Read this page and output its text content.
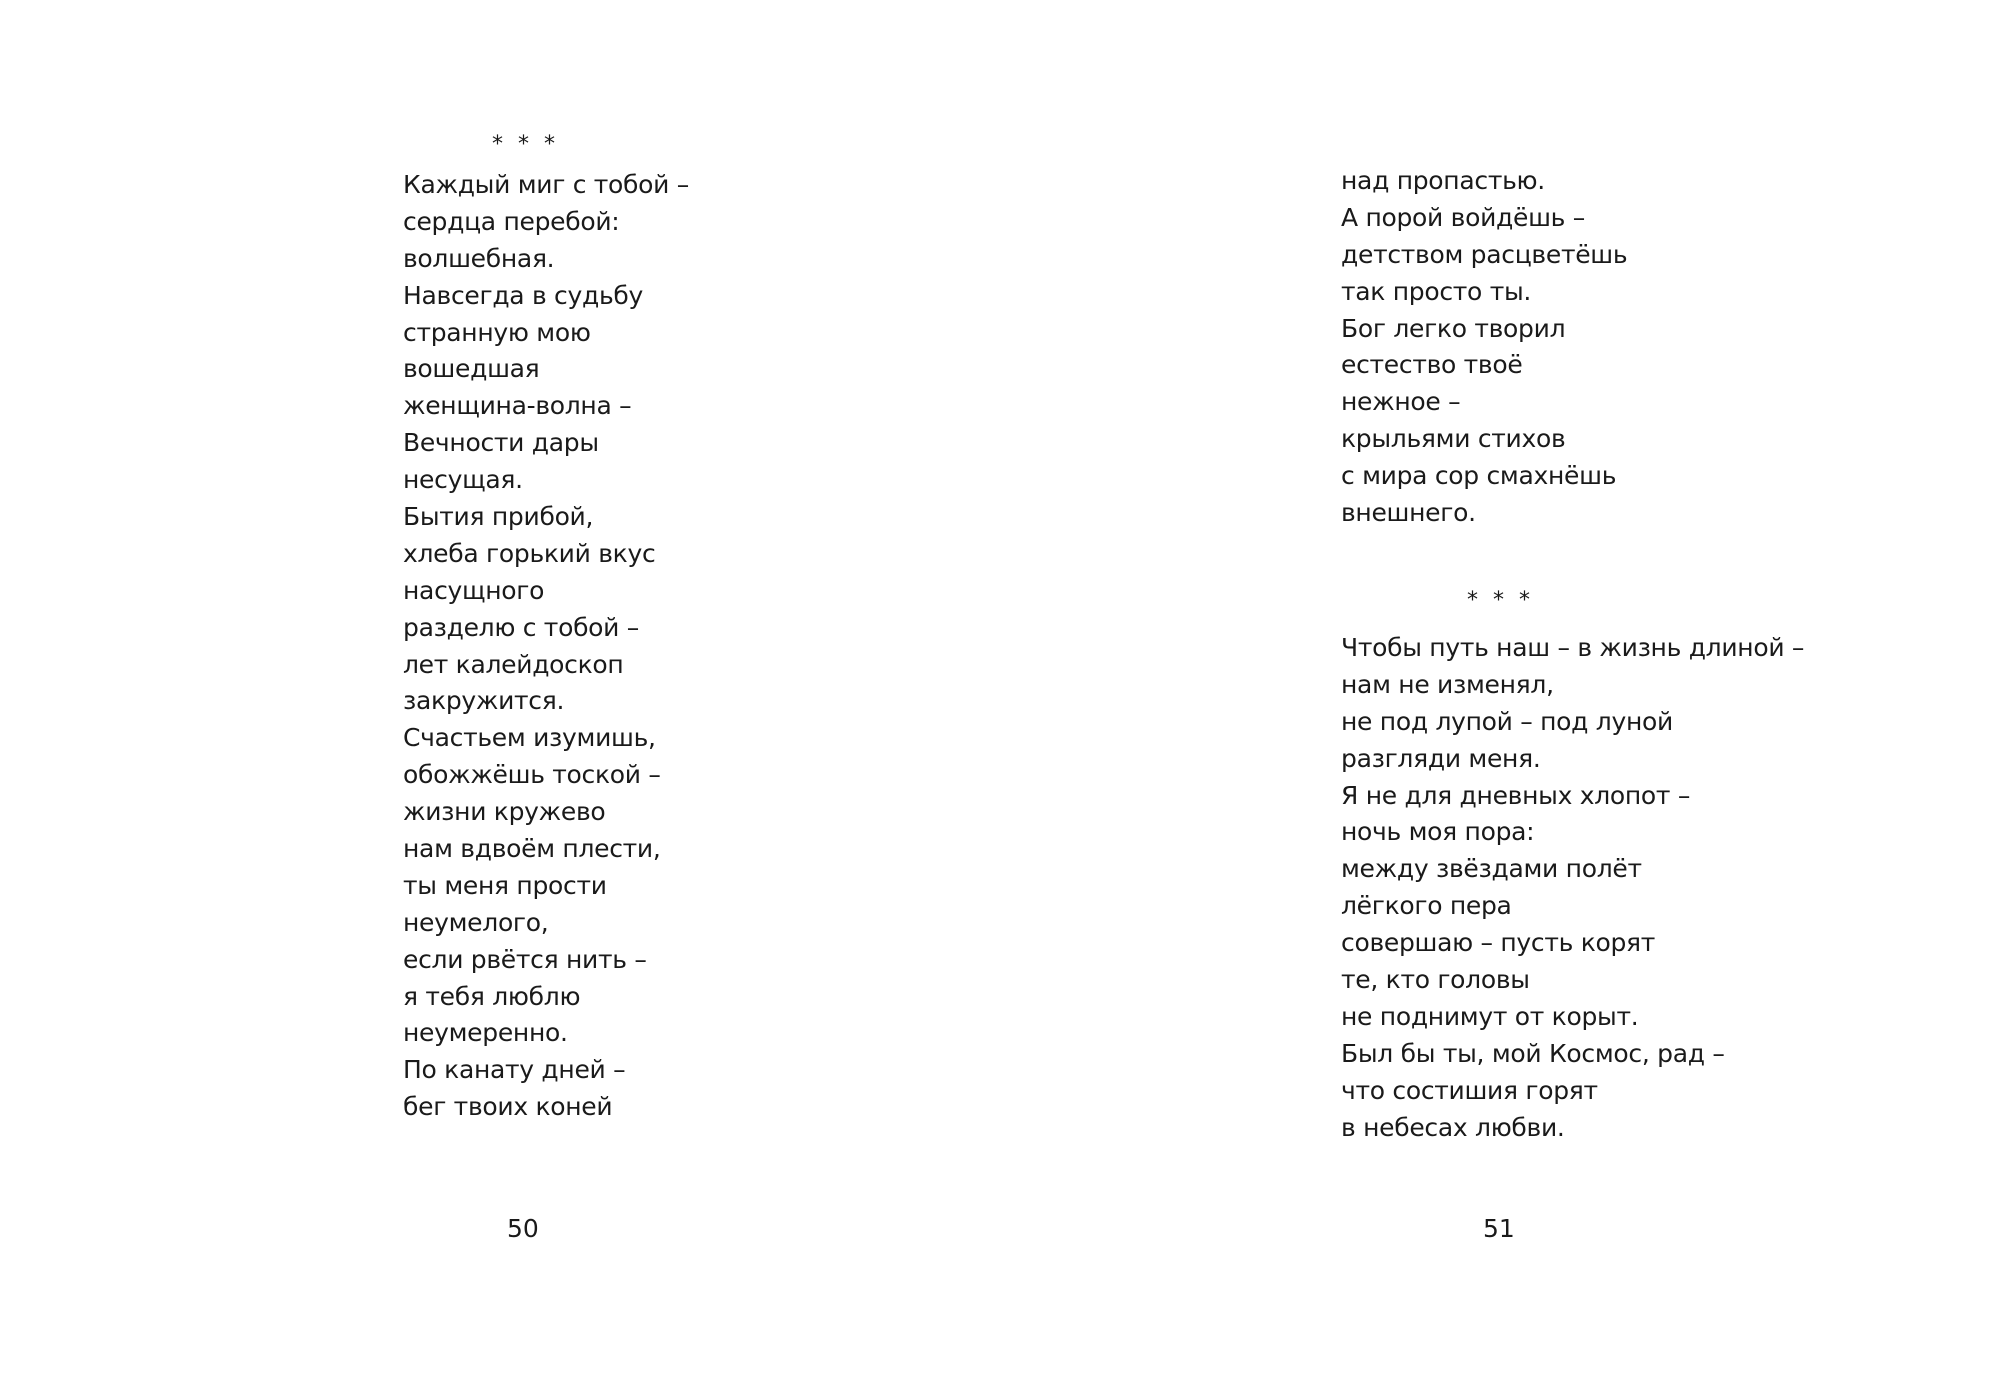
* * *
Каждый миг с тобой –
сердца перебой:
волшебная.
Навсегда в судьбу
странную мою
вошедшая
женщина-волна –
Вечности дары
несущая.
Бытия прибой,
хлеба горький вкус
насущного
разделю с тобой –
лет калейдоскоп
закружится.
Счастьем изумишь,
обожжёшь тоской –
жизни кружево
нам вдвоём плести,
ты меня прости
неумелого,
если рвётся нить –
я тебя люблю
неумеренно.
По канату дней –
бег твоих коней
50
над пропастью.
А порой войдёшь –
детством расцветёшь
так просто ты.
Бог легко творил
естество твоё
нежное –
крыльями стихов
с мира сор смахнёшь
внешнего.
* * *
Чтобы путь наш – в жизнь длиной –
нам не изменял,
не под лупой – под луной
разгляди меня.
Я не для дневных хлопот –
ночь моя пора:
между звёздами полёт
лёгкого пера
совершаю – пусть корят
те, кто головы
не поднимут от корыт.
Был бы ты, мой Космос, рад –
что состишия горят
в небесах любви.
51
